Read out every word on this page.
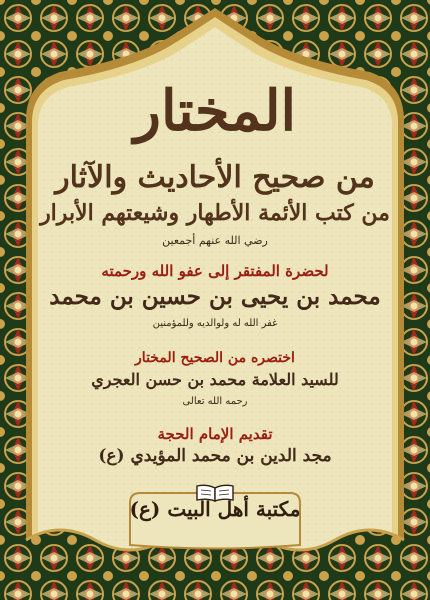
المختار
من صحيح الأحاديث والآثار
من كتب الأئمة الأطهار وشيعتهم الأبرار
رضي الله عنهم أجمعين
لحضرة المفتقر إلى عفو الله ورحمته
محمد بن يحيى بن حسين بن محمد
غفر الله له ولوالديه وللمؤمنين
اختصره من الصحيح المختار
للسيد العلامة محمد بن حسن العجري
رحمه الله تعالى
تقديم الإمام الحجة
مجد الدين بن محمد المؤيدي (ع)
مكتبة أهل البيت (ع)
